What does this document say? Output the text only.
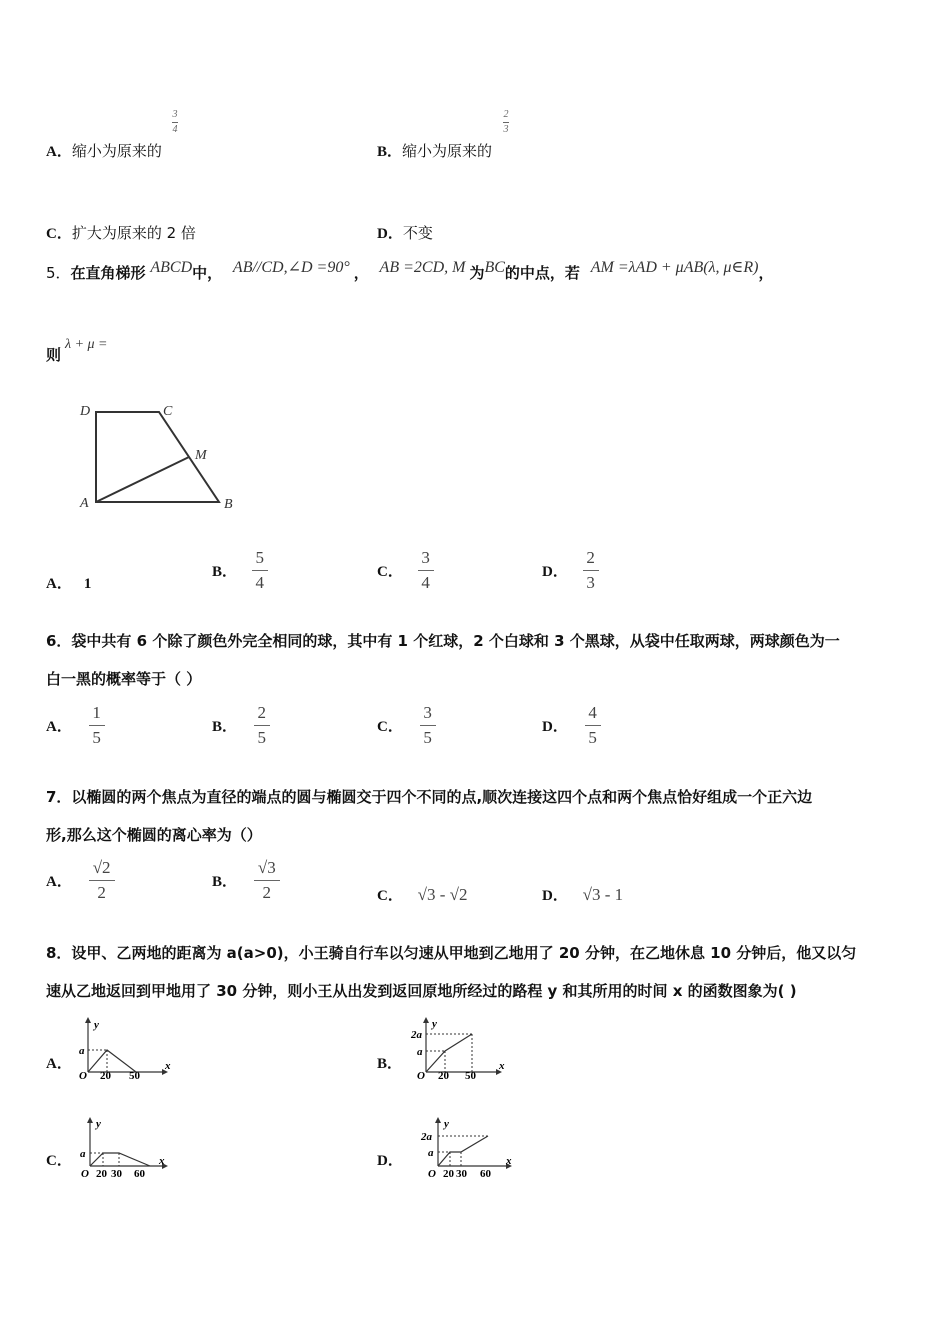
A．缩小为原来的
3
4
B．缩小为原来的
2
3
C．扩大为原来的 2 倍	D．不变
5．在直角梯形 ABCD中， AB//CD,∠D =90° ， AB =2CD, M 为BC的中点，若 AM =λAD + μAB(λ, μ∈R)，
则λ + μ =
D	C
M
A	B
A． 1
B． $\frac{5}{4}$	C． $\frac{3}{4}$	D． $\frac{2}{3}$
6．袋中共有 6 个除了颜色外完全相同的球，其中有 1 个红球，2 个白球和 3 个黑球，从袋中任取两球，两球颜色为一
白一黑的概率等于（ ）
A． $\frac{1}{5}$	B． $\frac{2}{5}$	C． $\frac{3}{5}$	D． $\frac{4}{5}$
7．以椭圆的两个焦点为直径的端点的圆与椭圆交于四个不同的点,顺次连接这四个点和两个焦点恰好组成一个正六边
形,那么这个椭圆的离心率为（）
A． $\frac{√2}{2}$	B． $\frac{√3}{2}$	C． √3 - √2	D． √3 - 1
8．设甲、乙两地的距离为 a(a>0)，小王骑自行车以匀速从甲地到乙地用了 20 分钟，在乙地休息 10 分钟后，他又以匀
速从乙地返回到甲地用了 30 分钟，则小王从出发到返回原地所经过的路程 y 和其所用的时间 x 的函数图象为( )
A．
y
x
a
O 20 50
B．
y
x
2a
a
O 20 50
C．
y
x
a
O 20 30 60
D．
y
x
2a
a
O 20 30 60
